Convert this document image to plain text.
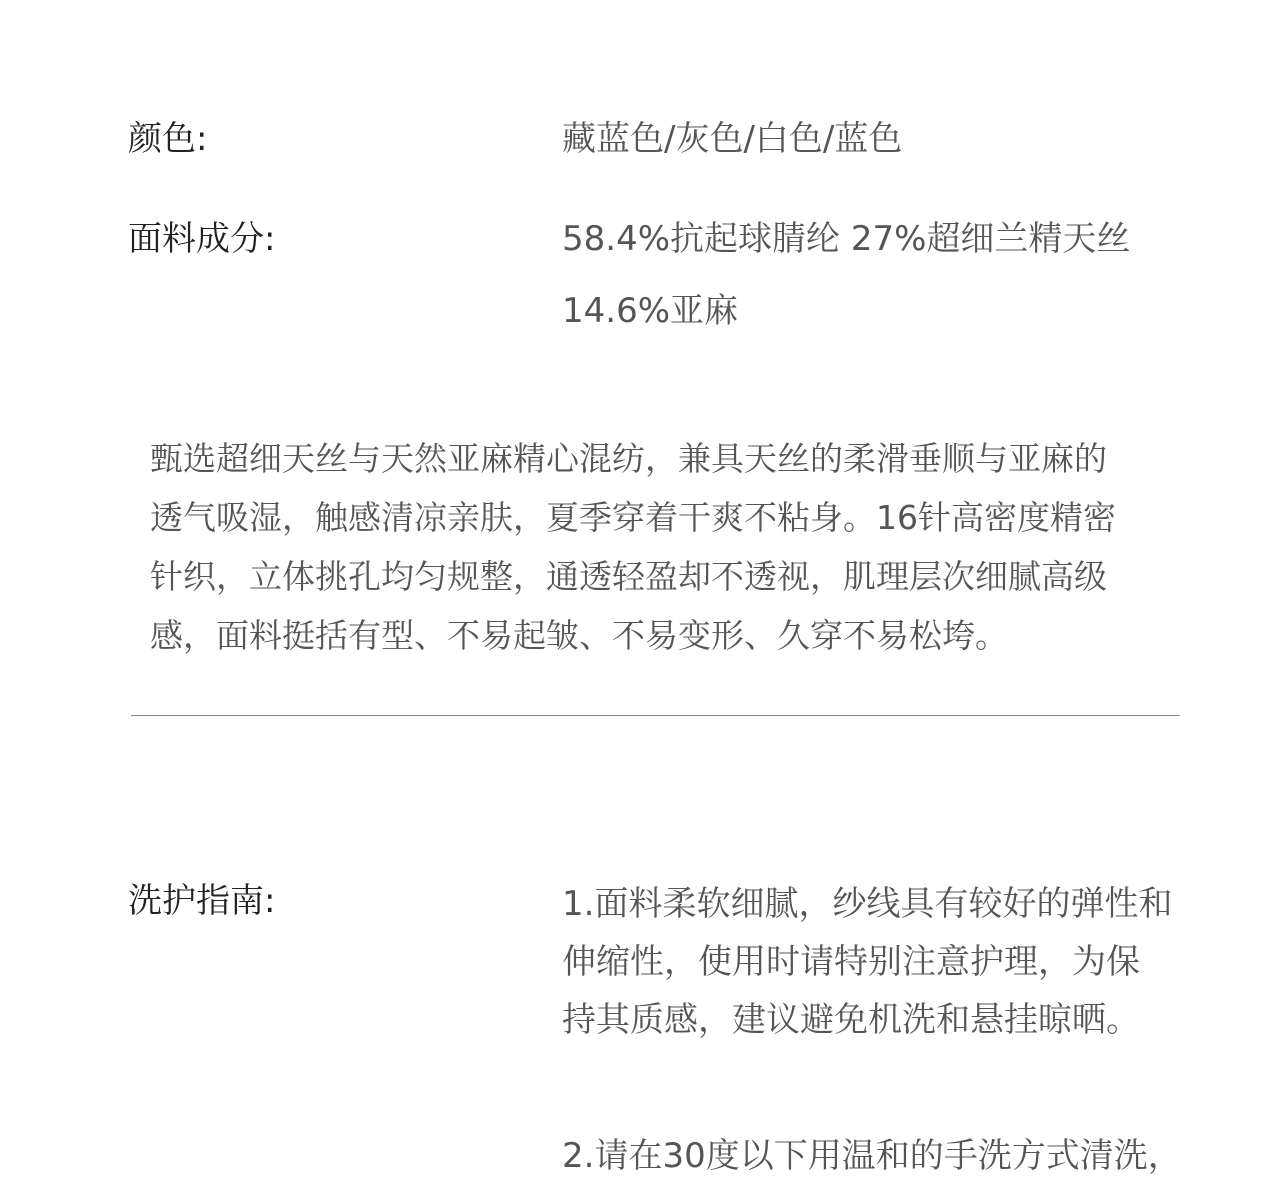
颜色:	藏蓝色/灰色/白色/蓝色
面料成分:	58.4%抗起球腈纶 27%超细兰精天丝
14.6%亚麻
甄选超细天丝与天然亚麻精心混纺，兼具天丝的柔滑垂顺与亚麻的
透气吸湿，触感清凉亲肤，夏季穿着干爽不粘身。16针高密度精密
针织，立体挑孔均匀规整，通透轻盈却不透视，肌理层次细腻高级
感，面料挺括有型、不易起皱、不易变形、久穿不易松垮。
洗护指南:	1.面料柔软细腻，纱线具有较好的弹性和
伸缩性，使用时请特别注意护理，为保
持其质感，建议避免机洗和悬挂晾晒。
2.请在30度以下用温和的手洗方式清洗，
